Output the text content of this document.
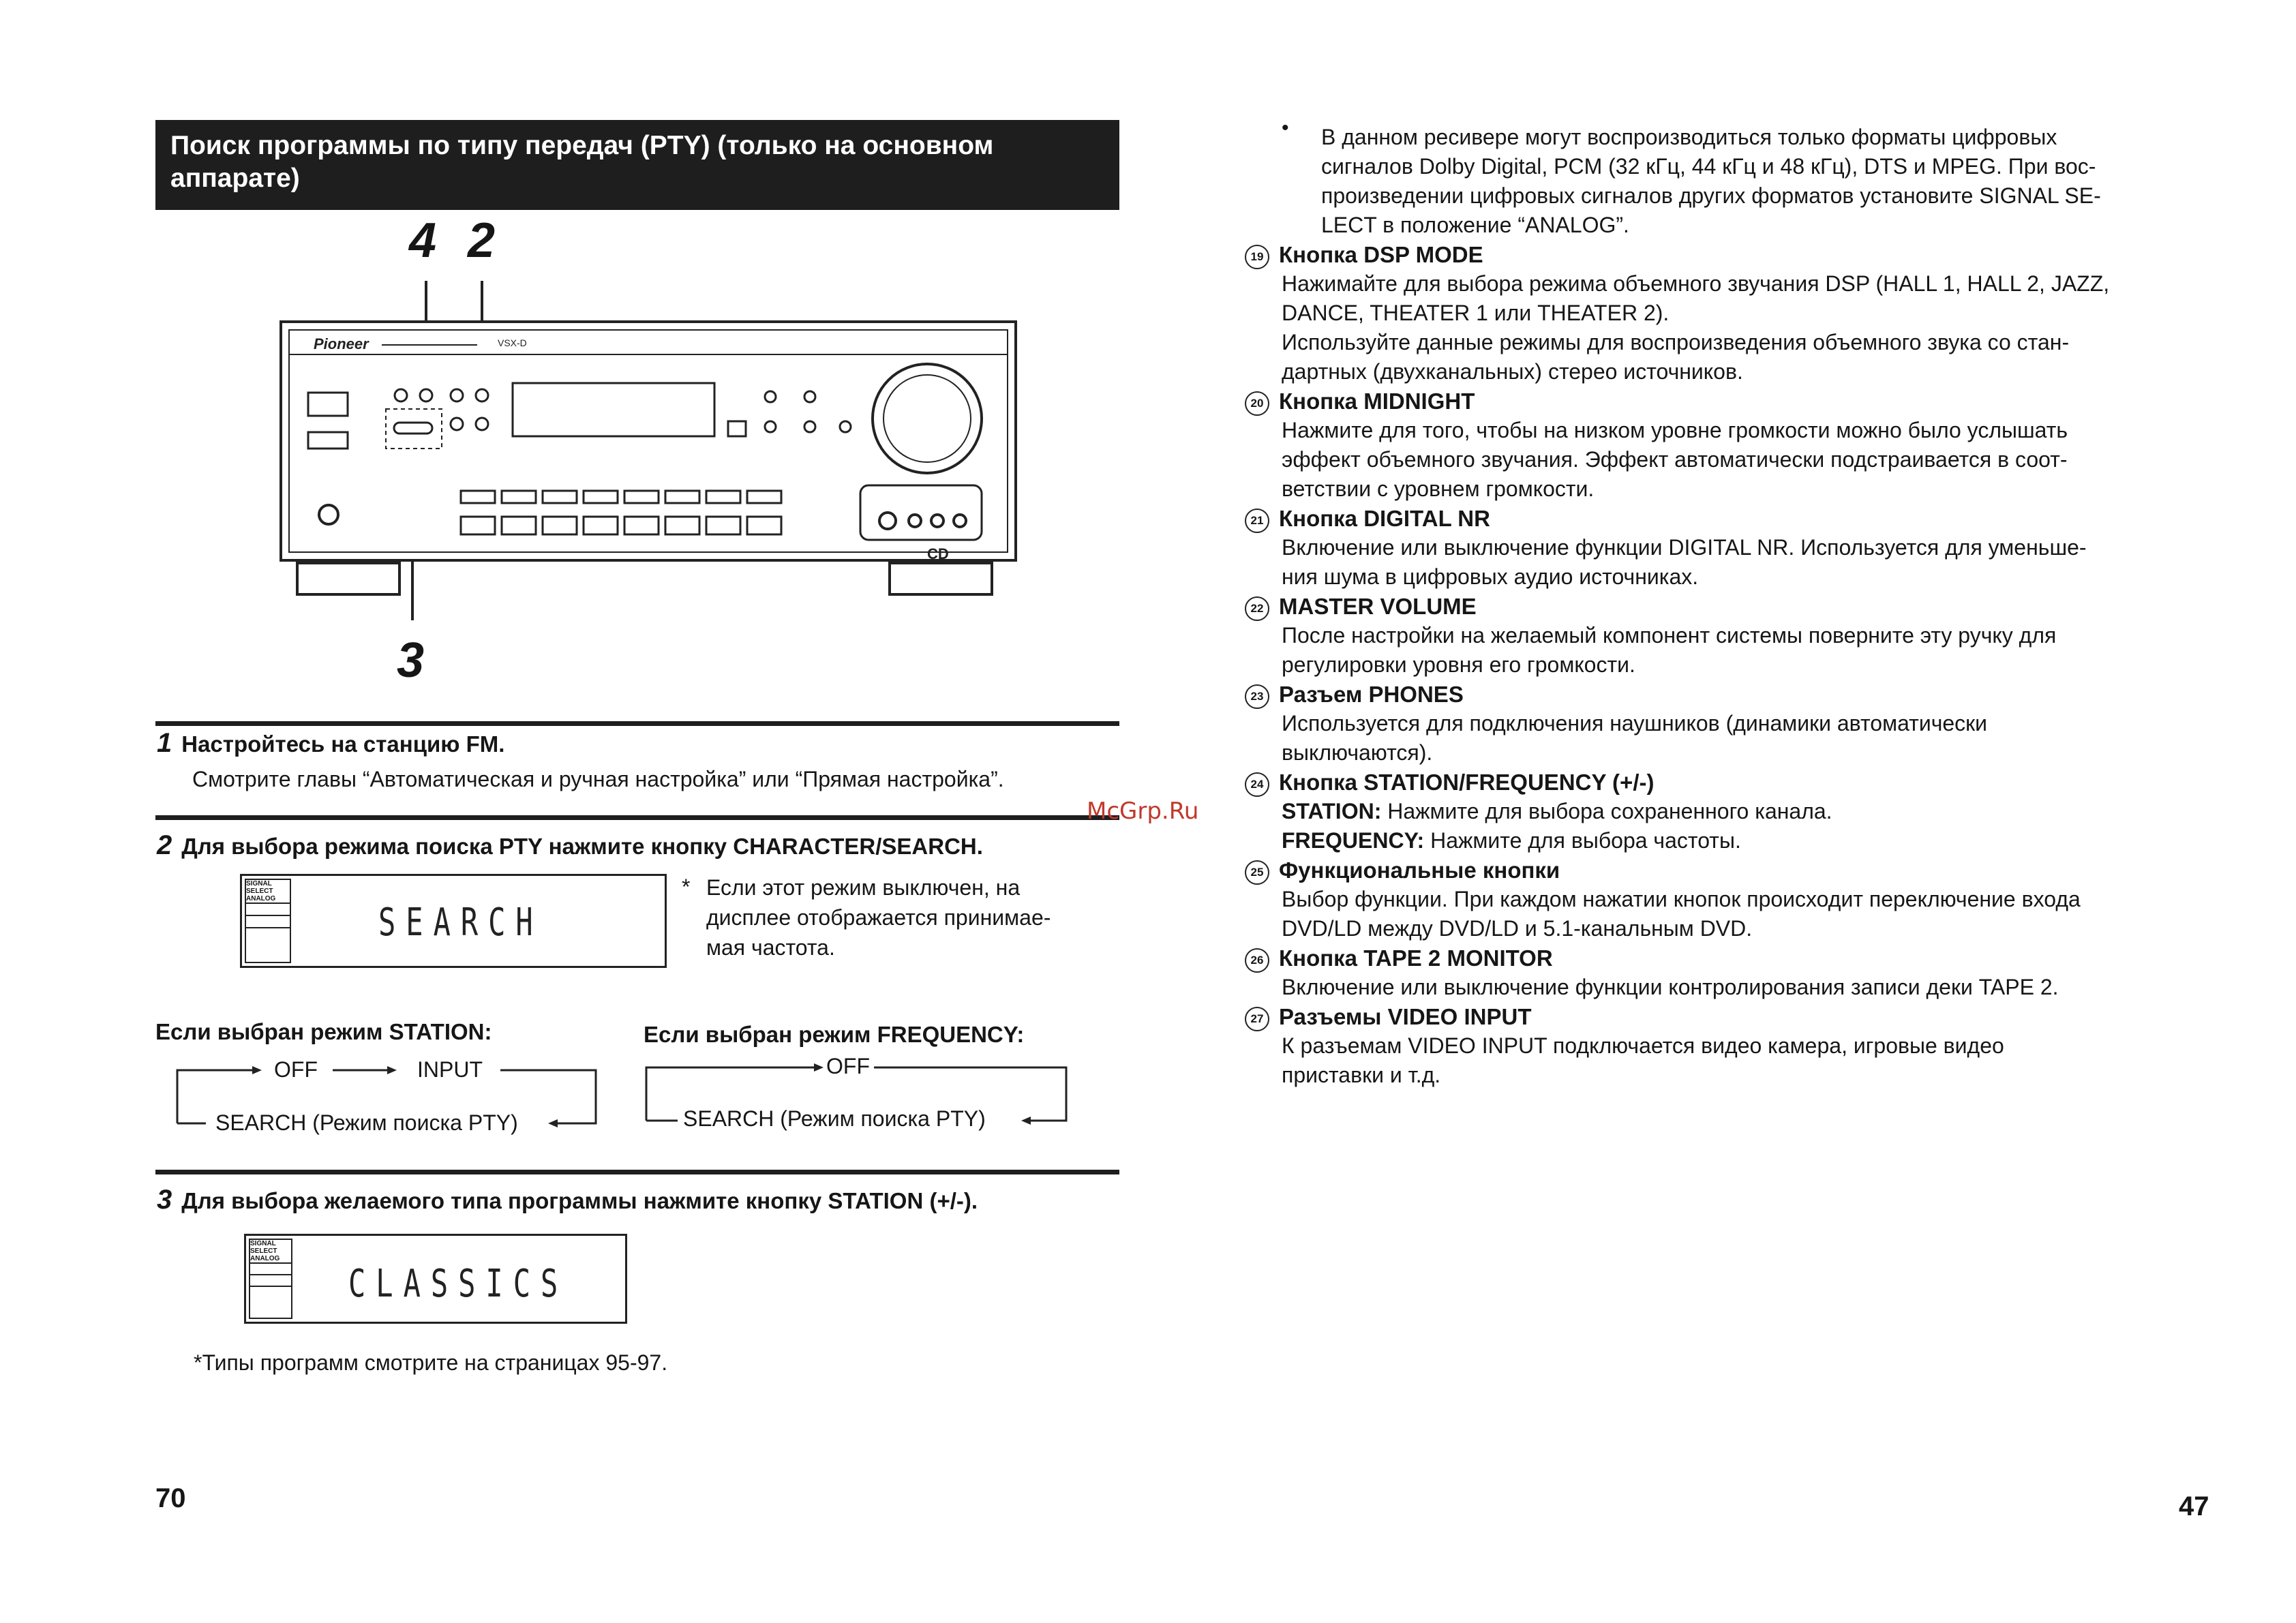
Поиск программы по типу передач (PTY) (только на основном
аппарате)
4 2
3
Pioneer	VSX-D
CD
1 Настройтесь на станцию FM.
Смотрите главы “Автоматическая и ручная настройка” или “Прямая настройка”.
2 Для выбора режима поиска PTY нажмите кнопку CHARACTER/SEARCH.
SIGNAL
SELECT
ANALOG
SEARCH
* Если этот режим выключен, на
дисплее отображается принимае-
мая частота.
Если выбран режим STATION:	Если выбран режим FREQUENCY:
OFF	INPUT
SEARCH (Режим поиска PTY)
OFF
SEARCH (Режим поиска PTY)
3 Для выбора желаемого типа программы нажмите кнопку STATION (+/-).
SIGNAL
SELECT
ANALOG
CLASSICS
*Типы программ смотрите на страницах 95-97.
70
McGrp.Ru
• В данном ресивере могут воспроизводиться только форматы цифровых
сигналов Dolby Digital, PCM (32 кГц, 44 кГц и 48 кГц), DTS и MPEG. При вос-
произведении цифровых сигналов других форматов установите SIGNAL SE-
LECT в положение “ANALOG”.
19 Кнопка DSP MODE
Нажимайте для выбора режима объемного звучания DSP (HALL 1, HALL 2, JAZZ,
DANCE, THEATER 1 или THEATER 2).
Используйте данные режимы для воспроизведения объемного звука со стан-
дартных (двухканальных) стерео источников.
20 Кнопка MIDNIGHT
Нажмите для того, чтобы на низком уровне громкости можно было услышать
эффект объемного звучания. Эффект автоматически подстраивается в соот-
ветствии с уровнем громкости.
21 Кнопка DIGITAL NR
Включение или выключение функции DIGITAL NR. Используется для уменьше-
ния шума в цифровых аудио источниках.
22 MASTER VOLUME
После настройки на желаемый компонент системы поверните эту ручку для
регулировки уровня его громкости.
23 Разъем PHONES
Используется для подключения наушников (динамики автоматически
выключаются).
24 Кнопка STATION/FREQUENCY (+/-)
STATION: Нажмите для выбора сохраненного канала.
FREQUENCY: Нажмите для выбора частоты.
25 Функциональные кнопки
Выбор функции. При каждом нажатии кнопок происходит переключение входа
DVD/LD между DVD/LD и 5.1-канальным DVD.
26 Кнопка TAPE 2 MONITOR
Включение или выключение функции контролирования записи деки TAPE 2.
27 Разъемы VIDEO INPUT
К разъемам VIDEO INPUT подключается видео камера, игровые видео
приставки и т.д.
47
